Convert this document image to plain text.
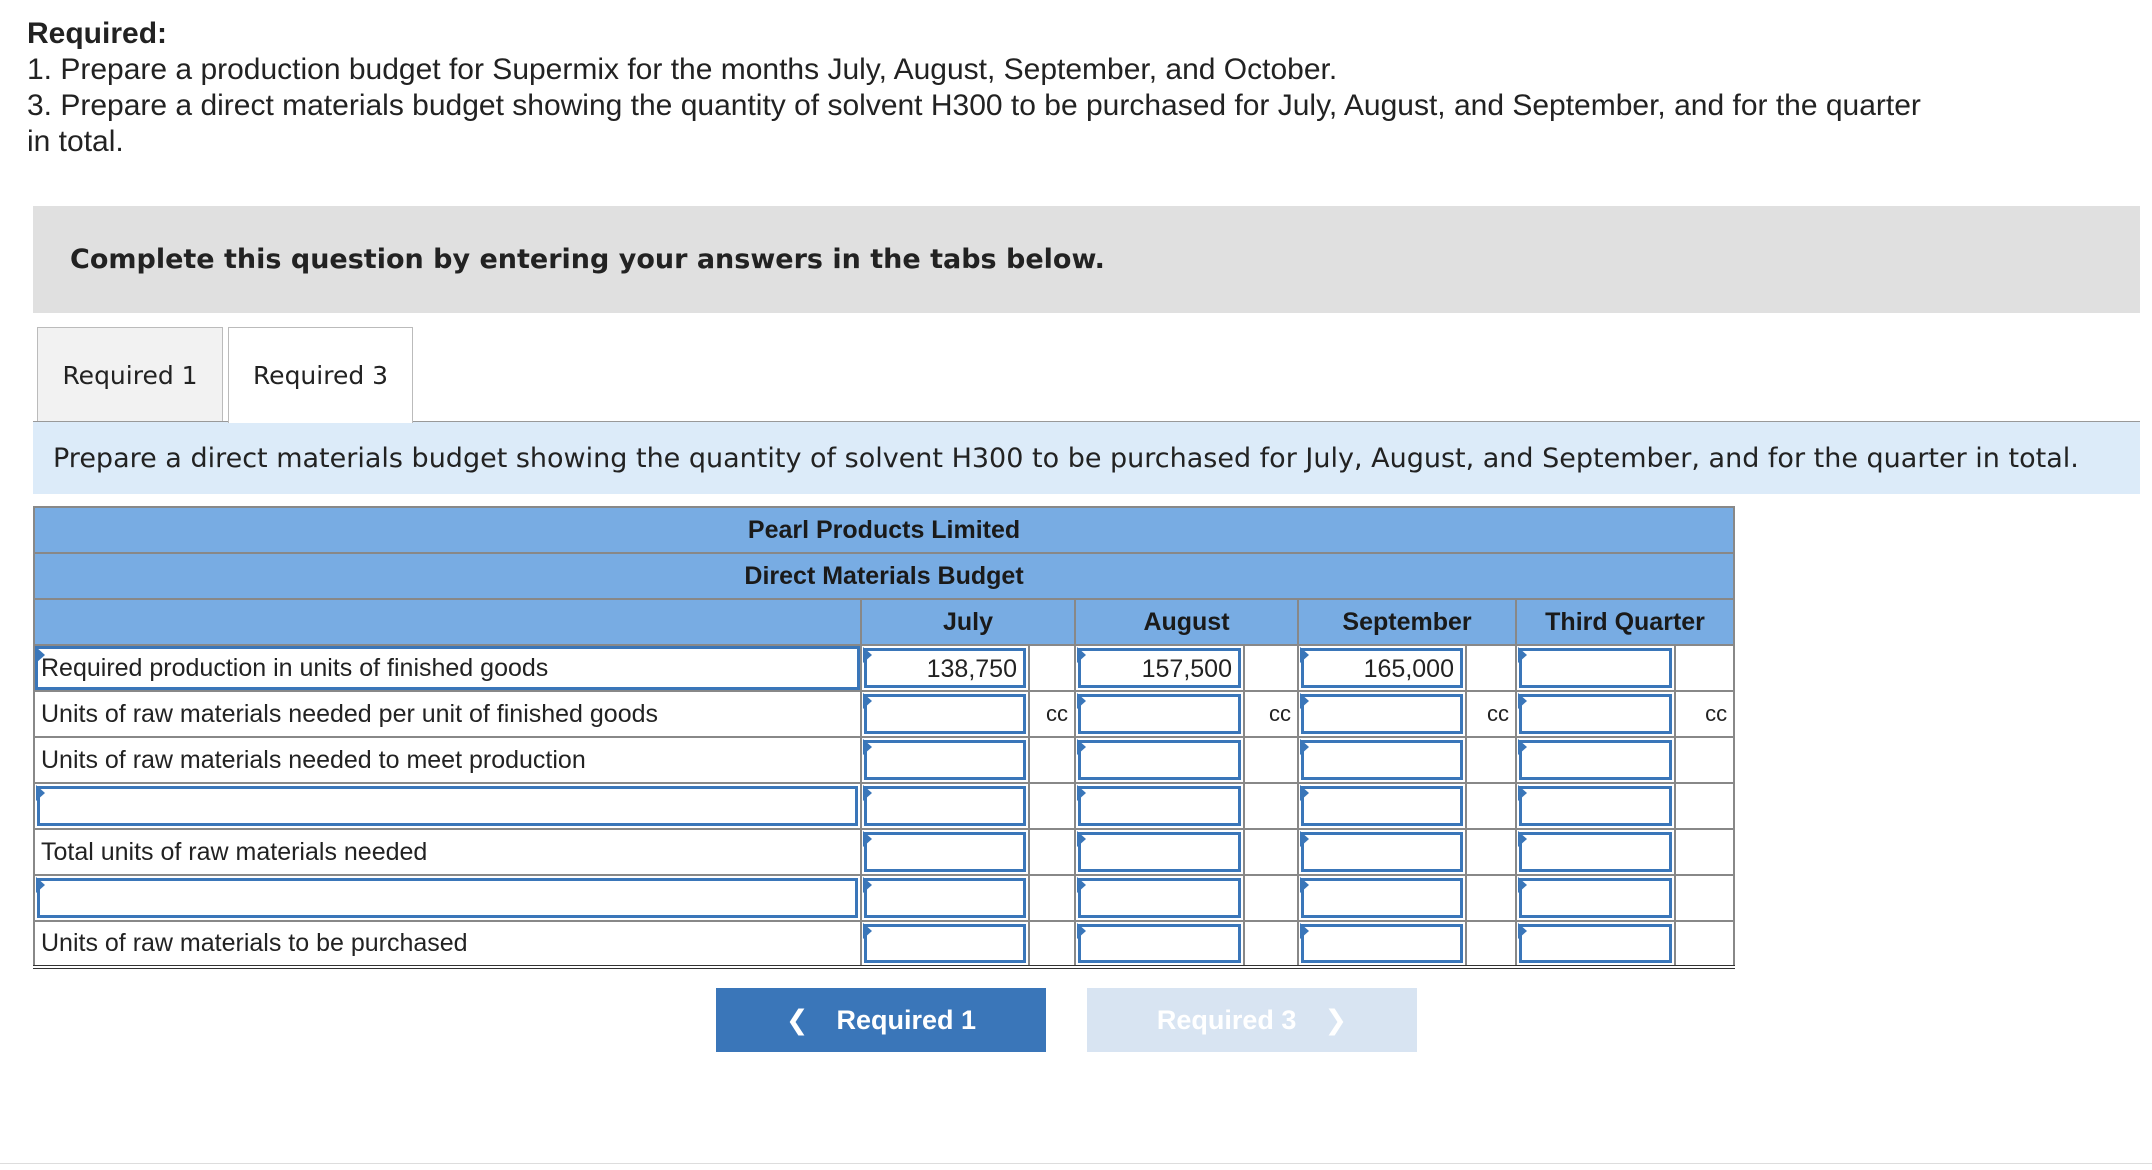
Required:
1. Prepare a production budget for Supermix for the months July, August, September, and October.
3. Prepare a direct materials budget showing the quantity of solvent H300 to be purchased for July, August, and September, and for the quarter in total.
Complete this question by entering your answers in the tabs below.
Required 1 Required 3
Prepare a direct materials budget showing the quantity of solvent H300 to be purchased for July, August, and September, and for the quarter in total.
Pearl Products Limited								
Direct Materials Budget								
	July		August		September		Third Quarter	

Required production in units of finished goods	138,750		157,500		165,000			

Units of raw materials needed per unit of finished goods		cc		cc		cc		cc
Units of raw materials needed to meet production	

Total units of raw materials needed	

Units of raw materials to be purchased	

❮ Required 1	Required 3 ❯
